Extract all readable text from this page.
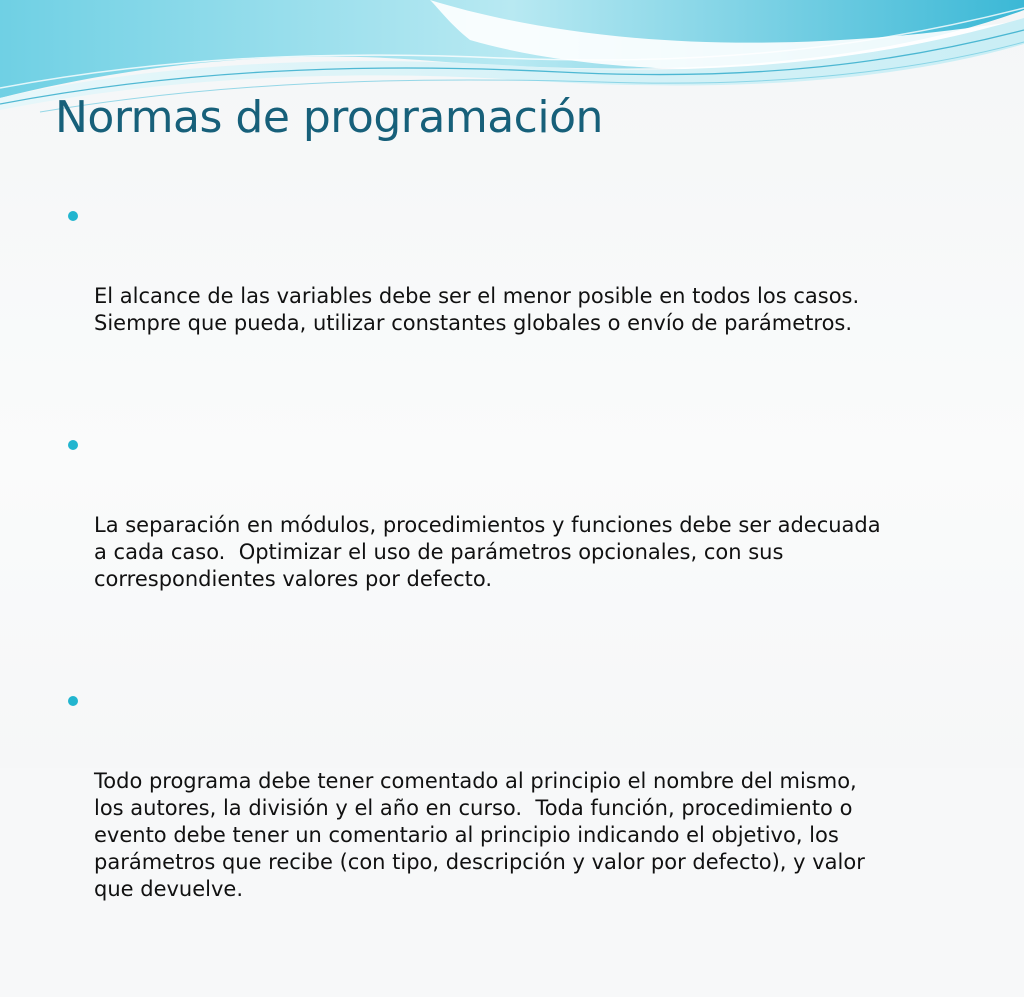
Normas de programación

El alcance de las variables debe ser el menor posible en todos los casos.
Siempre que pueda, utilizar constantes globales o envío de parámetros.

La separación en módulos, procedimientos y funciones debe ser adecuada
a cada caso.  Optimizar el uso de parámetros opcionales, con sus
correspondientes valores por defecto.

Todo programa debe tener comentado al principio el nombre del mismo,
los autores, la división y el año en curso.  Toda función, procedimiento o
evento debe tener un comentario al principio indicando el objetivo, los
parámetros que recibe (con tipo, descripción y valor por defecto), y valor
que devuelve.
